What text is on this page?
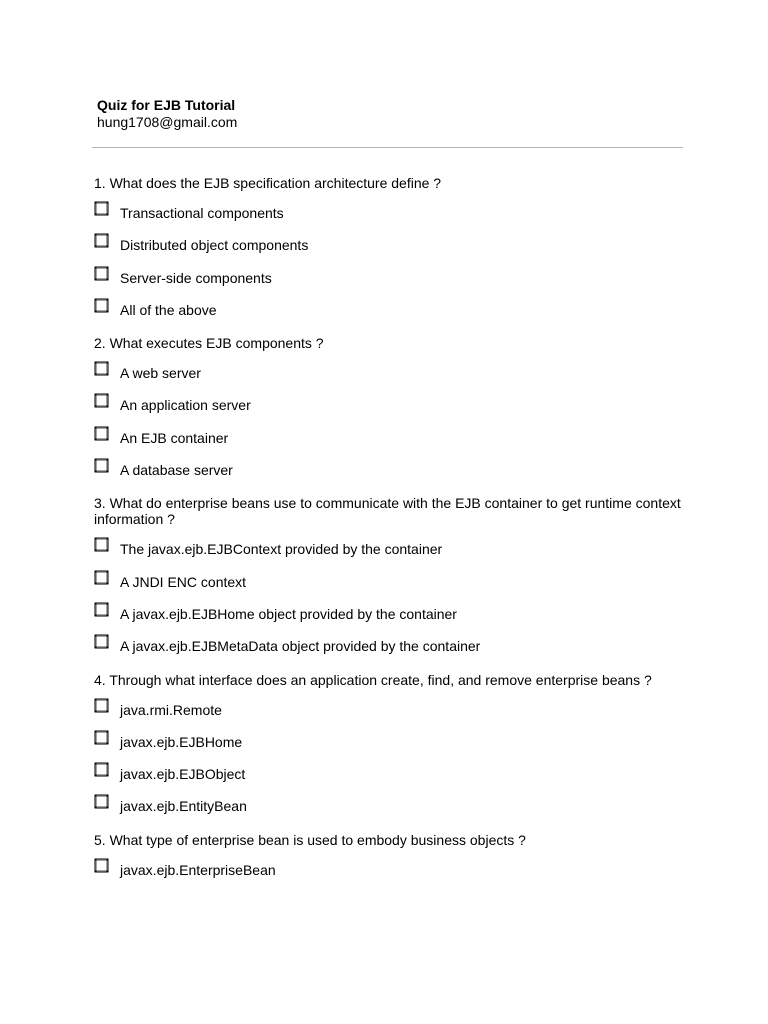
Quiz for EJB Tutorial
hung1708@gmail.com
1. What does the EJB specification architecture define ?
Transactional components
Distributed object components
Server-side components
All of the above
2. What executes EJB components ?
A web server
An application server
An EJB container
A database server
3. What do enterprise beans use to communicate with the EJB container to get runtime context
information ?
The javax.ejb.EJBContext provided by the container
A JNDI ENC context
A javax.ejb.EJBHome object provided by the container
A javax.ejb.EJBMetaData object provided by the container
4. Through what interface does an application create, find, and remove enterprise beans ?
java.rmi.Remote
javax.ejb.EJBHome
javax.ejb.EJBObject
javax.ejb.EntityBean
5. What type of enterprise bean is used to embody business objects ?
javax.ejb.EnterpriseBean
